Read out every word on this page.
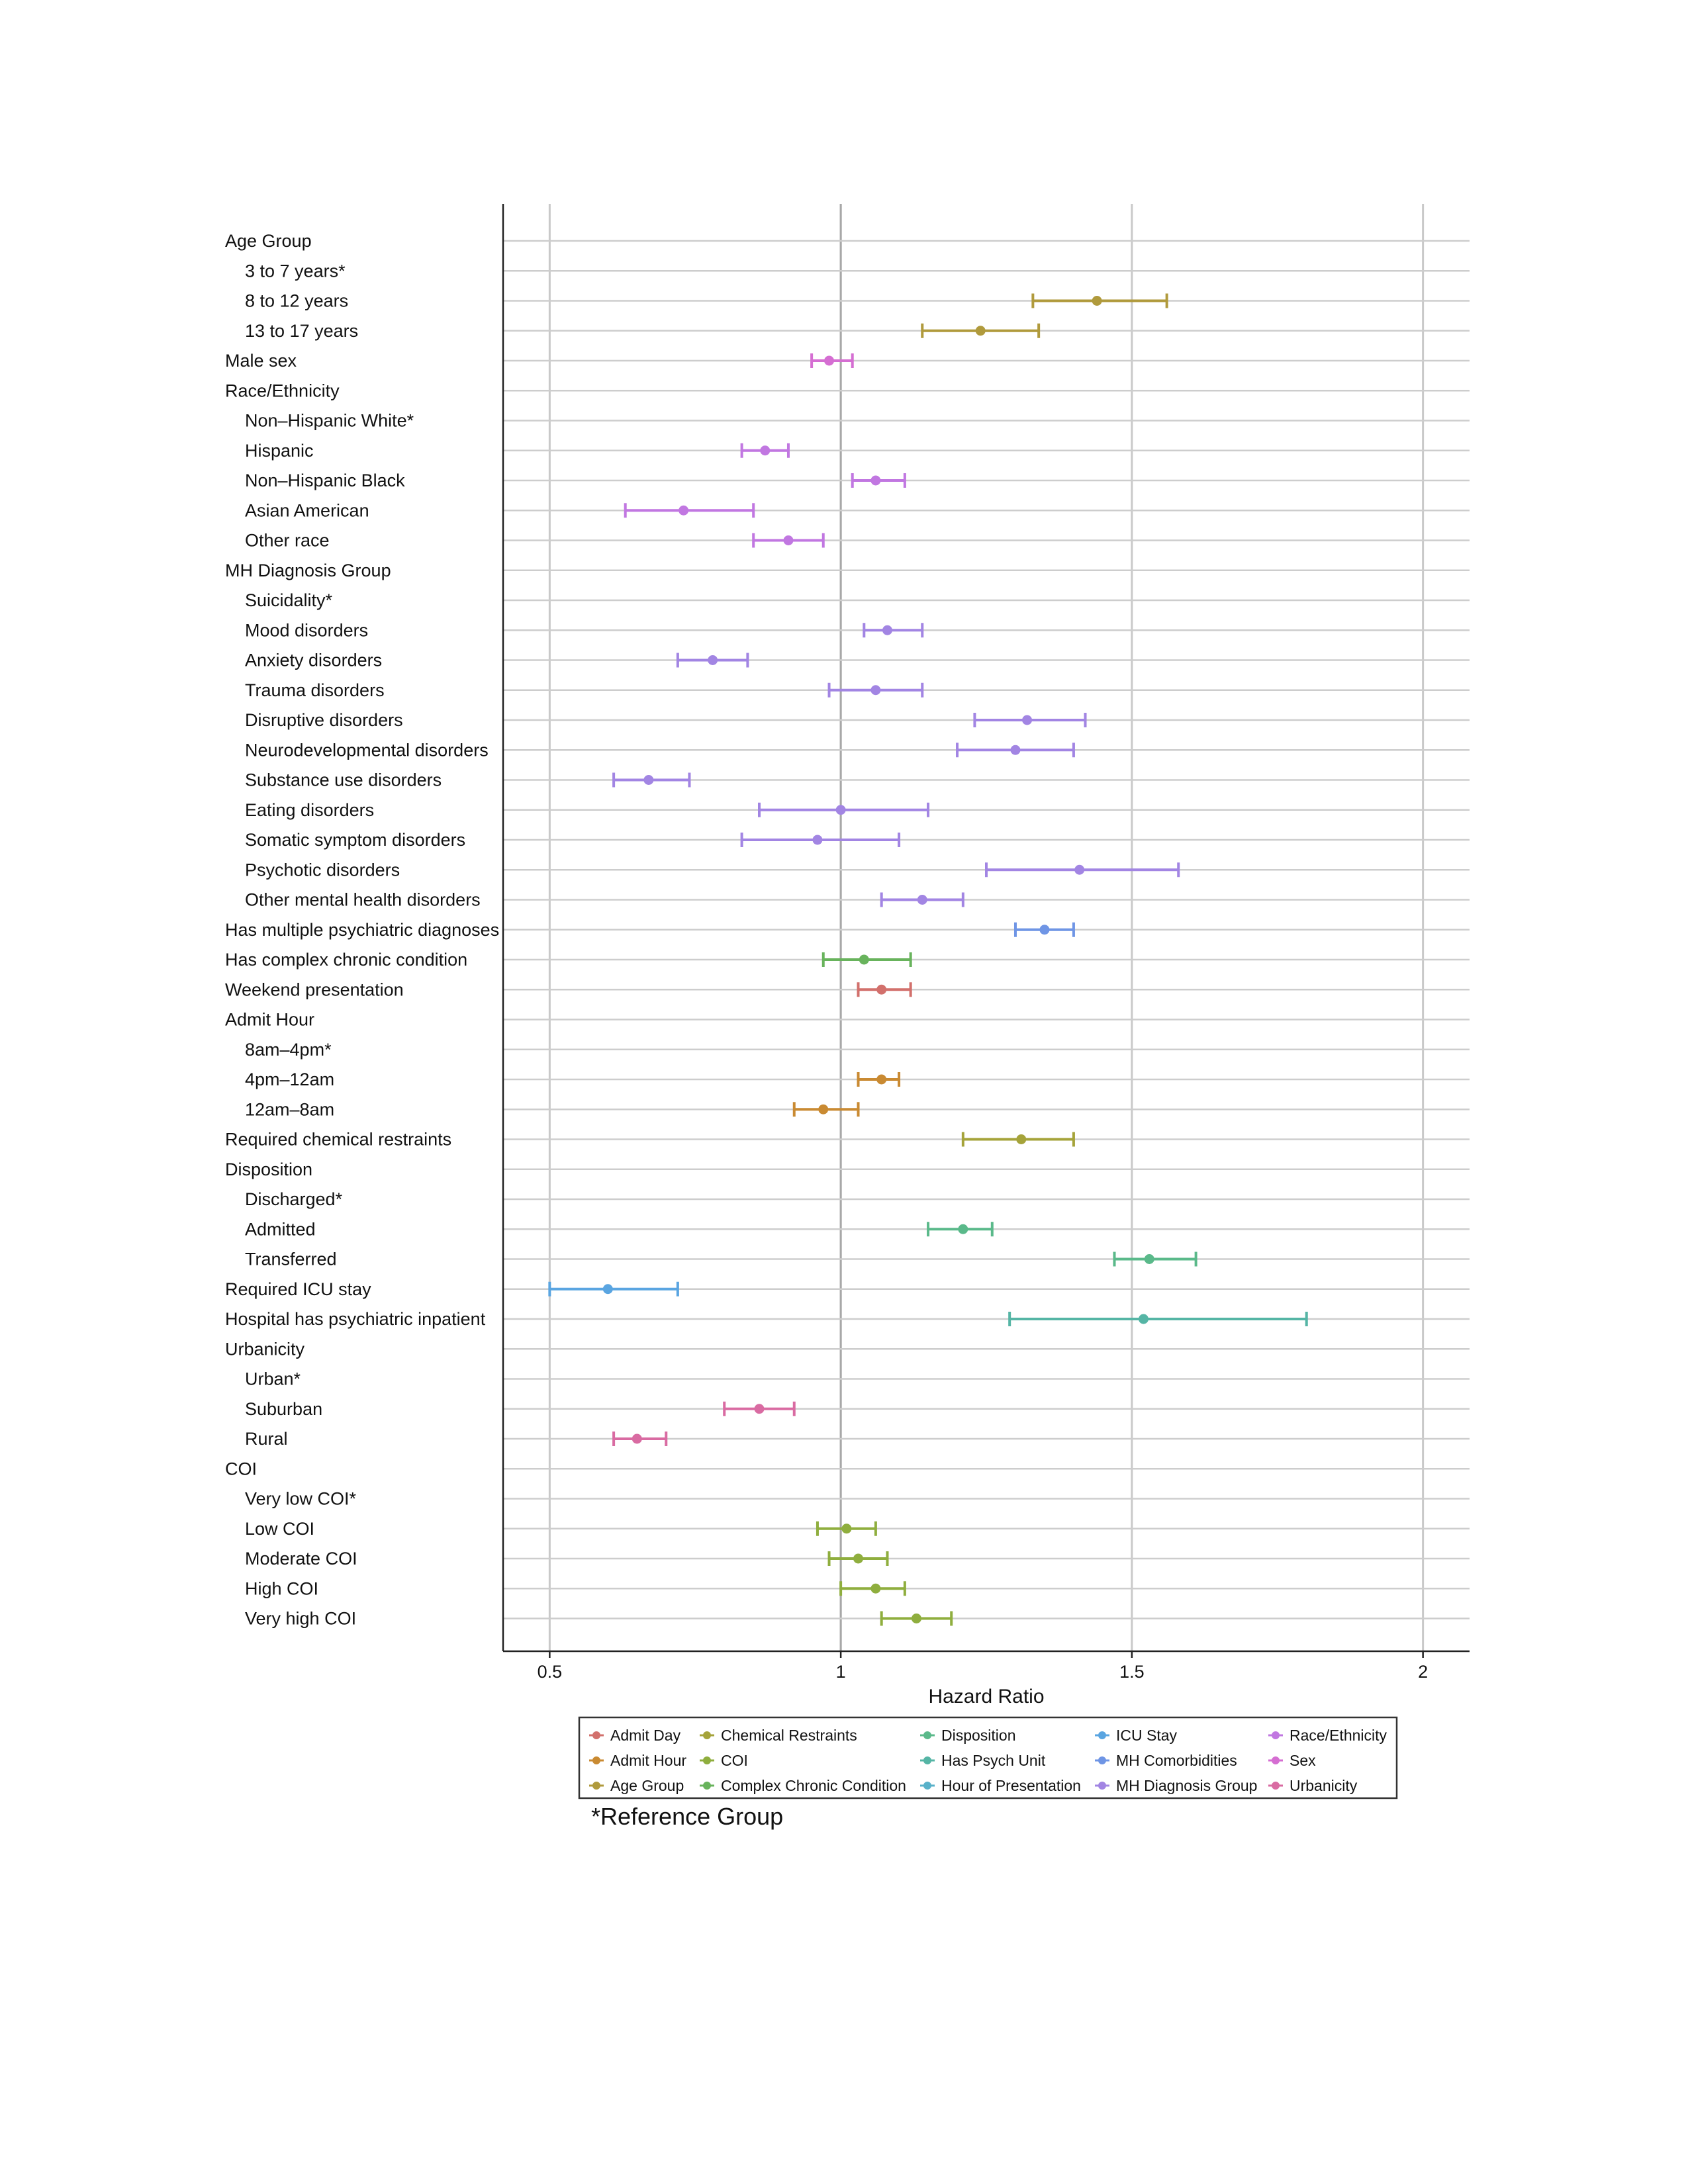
0.5	1	1.5	2
Age Group
3 to 7 years*
8 to 12 years
13 to 17 years
Male sex
Race/Ethnicity
Non–Hispanic White*
Hispanic
Non–Hispanic Black
Asian American
Other race
MH Diagnosis Group
Suicidality*
Mood disorders
Anxiety disorders
Trauma disorders
Disruptive disorders
Neurodevelopmental disorders
Substance use disorders
Eating disorders
Somatic symptom disorders
Psychotic disorders
Other mental health disorders
Has multiple psychiatric diagnoses
Has complex chronic condition
Weekend presentation
Admit Hour
8am–4pm*
4pm–12am
12am–8am
Required chemical restraints
Disposition
Discharged*
Admitted
Transferred
Required ICU stay
Hospital has psychiatric inpatient
Urbanicity
Urban*
Suburban
Rural
COI
Very low COI*
Low COI
Moderate COI
High COI
Very high COI
Hazard Ratio
Admit Day
Admit Hour
Age Group
Chemical Restraints
COI
Complex Chronic Condition
Disposition
Has Psych Unit
Hour of Presentation
ICU Stay
MH Comorbidities
MH Diagnosis Group
Race/Ethnicity
Sex
Urbanicity
*Reference Group
